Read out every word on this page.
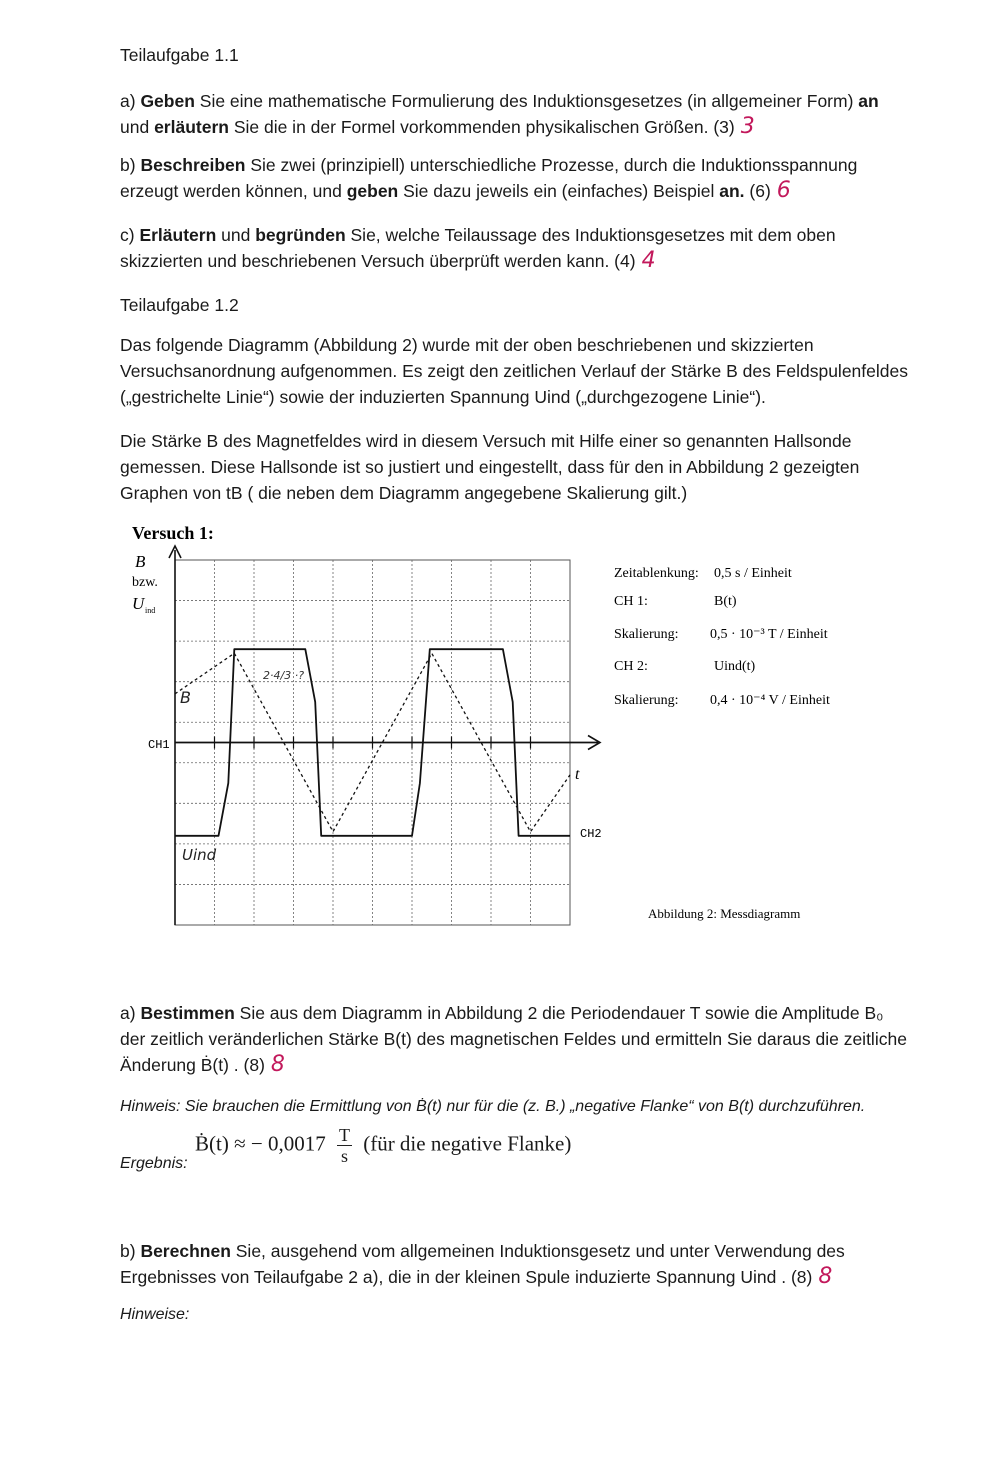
Teilaufgabe 1.1

a) Geben Sie eine mathematische Formulierung des Induktionsgesetzes (in allgemeiner Form) an und erläutern Sie die in der Formel vorkommenden physikalischen Größen. (3) 3

b) Beschreiben Sie zwei (prinzipiell) unterschiedliche Prozesse, durch die Induktionsspannung erzeugt werden können, und geben Sie dazu jeweils ein (einfaches) Beispiel an. (6) 6

c) Erläutern und begründen Sie, welche Teilaussage des Induktionsgesetzes mit dem oben skizzierten und beschriebenen Versuch überprüft werden kann. (4) 4

Teilaufgabe 1.2

Das folgende Diagramm (Abbildung 2) wurde mit der oben beschriebenen und skizzierten Versuchsanordnung aufgenommen. Es zeigt den zeitlichen Verlauf der Stärke B des Feldspulenfeldes („gestrichelte Linie“) sowie der induzierten Spannung Uind („durchgezogene Linie“).

Die Stärke B des Magnetfeldes wird in diesem Versuch mit Hilfe einer so genannten Hallsonde gemessen. Diese Hallsonde ist so justiert und eingestellt, dass für den in Abbildung 2 gezeigten Graphen von tB ( die neben dem Diagramm angegebene Skalierung gilt.)

Versuch 1:
B
bzw.
U ind
CH1
CH2
t
B
Uind
2·4/3 ·?
Zeitablenkung: 0,5 s / Einheit
CH 1:	B(t)
Skalierung: 0,5 · 10⁻³ T / Einheit
CH 2:	Uind(t)
Skalierung: 0,4 · 10⁻⁴ V / Einheit
Abbildung 2: Messdiagramm

a) Bestimmen Sie aus dem Diagramm in Abbildung 2 die Periodendauer T sowie die Amplitude B₀ der zeitlich veränderlichen Stärke B(t) des magnetischen Feldes und ermitteln Sie daraus die zeitliche Änderung Ḃ(t) . (8) 8

Hinweis: Sie brauchen die Ermittlung von Ḃ(t) nur für die (z. B.) „negative Flanke“ von B(t) durchzuführen.

Ergebnis:
Ḃ(t) ≈ − $0,0017 \frac{T}{s}$ (für die negative Flanke)

b) Berechnen Sie, ausgehend vom allgemeinen Induktionsgesetz und unter Verwendung des Ergebnisses von Teilaufgabe 2 a), die in der kleinen Spule induzierte Spannung Uind . (8) 8

Hinweise:
